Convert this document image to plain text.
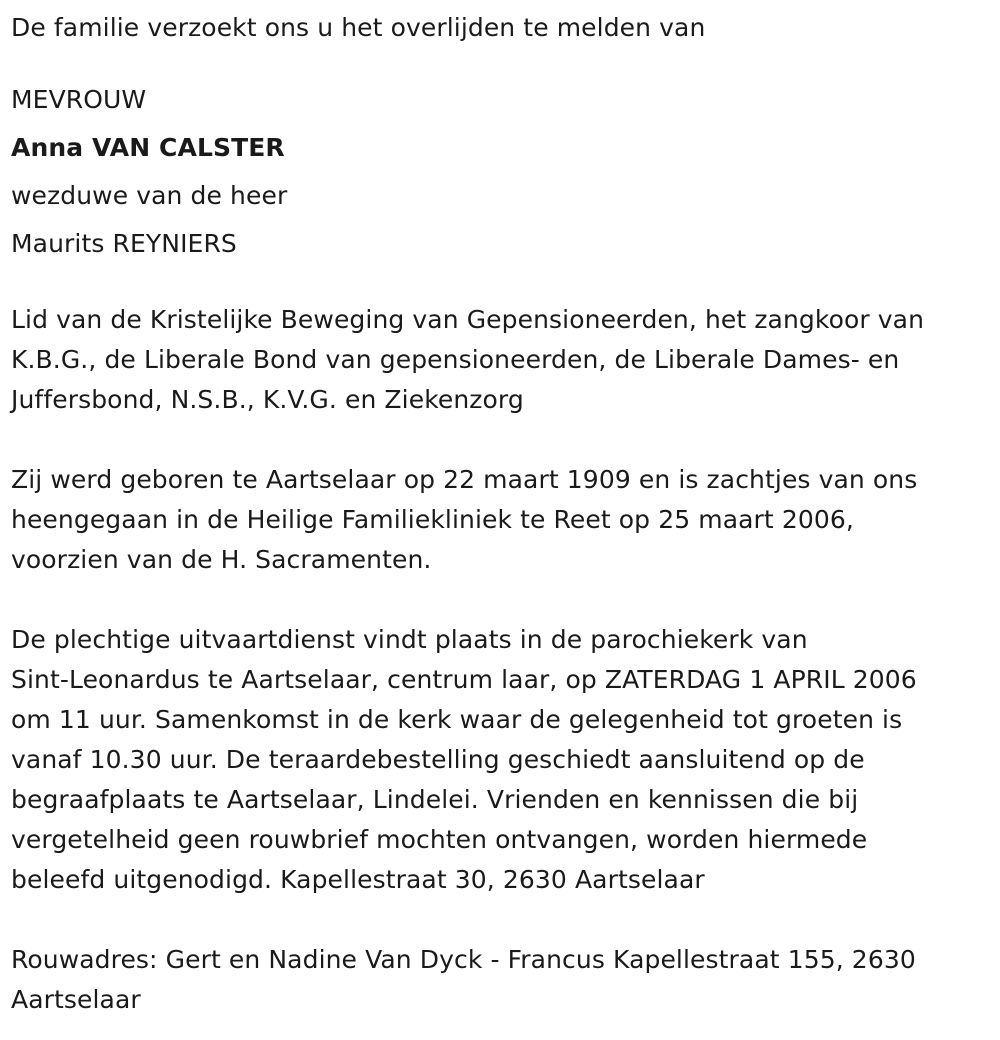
De familie verzoekt ons u het overlijden te melden van
MEVROUW
Anna VAN CALSTER
wezduwe van de heer
Maurits REYNIERS
Lid van de Kristelijke Beweging van Gepensioneerden, het zangkoor van
K.B.G., de Liberale Bond van gepensioneerden, de Liberale Dames- en
Juffersbond, N.S.B., K.V.G. en Ziekenzorg
Zij werd geboren te Aartselaar op 22 maart 1909 en is zachtjes van ons
heengegaan in de Heilige Familiekliniek te Reet op 25 maart 2006,
voorzien van de H. Sacramenten.
De plechtige uitvaartdienst vindt plaats in de parochiekerk van
Sint-Leonardus te Aartselaar, centrum laar, op ZATERDAG 1 APRIL 2006
om 11 uur. Samenkomst in de kerk waar de gelegenheid tot groeten is
vanaf 10.30 uur. De teraardebestelling geschiedt aansluitend op de
begraafplaats te Aartselaar, Lindelei. Vrienden en kennissen die bij
vergetelheid geen rouwbrief mochten ontvangen, worden hiermede
beleefd uitgenodigd. Kapellestraat 30, 2630 Aartselaar
Rouwadres: Gert en Nadine Van Dyck - Francus Kapellestraat 155, 2630
Aartselaar
